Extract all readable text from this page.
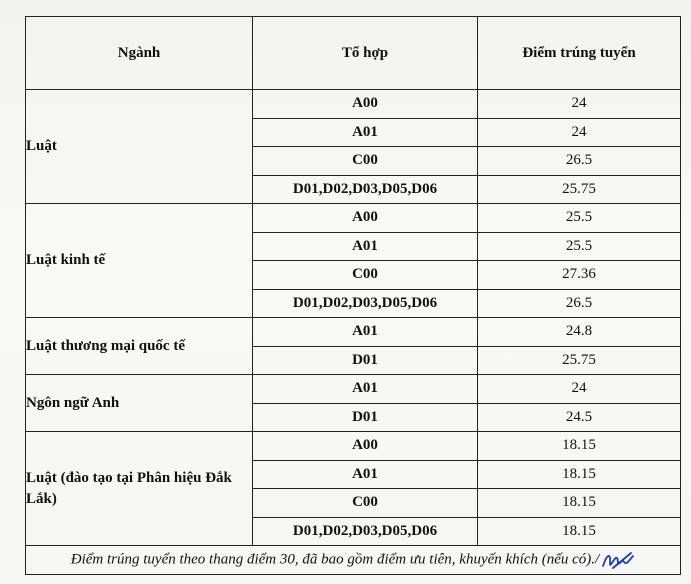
Ngành	Tổ hợp	Điểm trúng tuyển
Luật	A00	24
	A01	24
	C00	26.5
	D01,D02,D03,D05,D06	25.75
Luật kinh tế	A00	25.5
	A01	25.5
	C00	27.36
	D01,D02,D03,D05,D06	26.5
Luật thương mại quốc tế	A01	24.8
	D01	25.75
Ngôn ngữ Anh	A01	24
	D01	24.5
Luật (đào tạo tại Phân hiệu Đắk Lắk)	A00	18.15
	A01	18.15
	C00	18.15
	D01,D02,D03,D05,D06	18.15
Điểm trúng tuyển theo thang điểm 30, đã bao gồm điểm ưu tiên, khuyến khích (nếu có)./		
